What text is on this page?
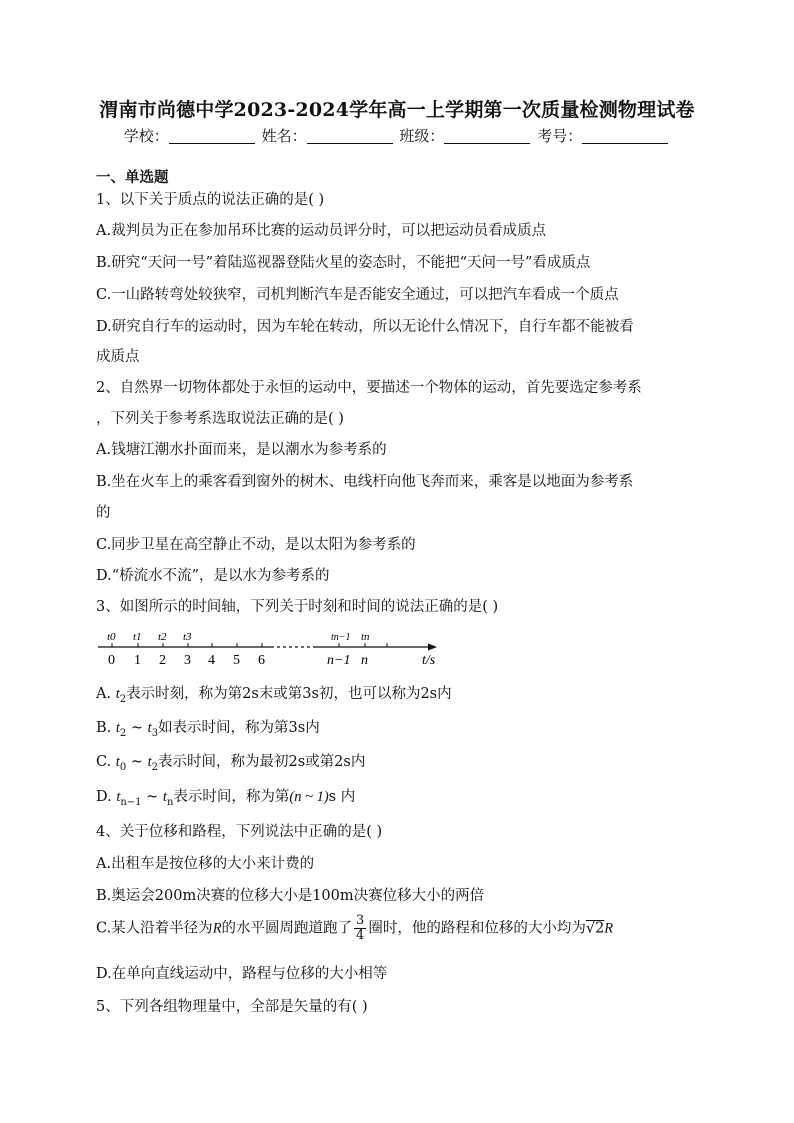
渭南市尚德中学2023-2024学年高一上学期第一次质量检测物理试卷
学校：	姓名：	班级：	考号：
一、单选题
1、以下关于质点的说法正确的是( )
A.裁判员为正在参加吊环比赛的运动员评分时，可以把运动员看成质点
B.研究“天问一号”着陆巡视器登陆火星的姿态时，不能把“天问一号”看成质点
C.一山路转弯处较狭窄，司机判断汽车是否能安全通过，可以把汽车看成一个质点
D.研究自行车的运动时，因为车轮在转动，所以无论什么情况下，自行车都不能被看
成质点
2、自然界一切物体都处于永恒的运动中，要描述一个物体的运动，首先要选定参考系
，下列关于参考系选取说法正确的是( )
A.钱塘江潮水扑面而来，是以潮水为参考系的
B.坐在火车上的乘客看到窗外的树木、电线杆向他飞奔而来，乘客是以地面为参考系
的
C.同步卫星在高空静止不动，是以太阳为参考系的
D.“桥流水不流”，是以水为参考系的
3、如图所示的时间轴，下列关于时刻和时间的说法正确的是( )
t0 t1 t2 t3	tn−1 tn
0 1 2 3 4 5 6	n−1 n	t/s
A. $t_2$表示时刻，称为第2s末或第3s初，也可以称为2s内
B. $t_2$ ~ $t_3$如表示时间，称为第3s内
C. $t_0$ ~ $t_2$表示时间，称为最初2s或第2s内
D. $t_{n-1}$ ~ $t_n$表示时间，称为第(n ~ 1)s 内
4、关于位移和路程，下列说法中正确的是( )
A.出租车是按位移的大小来计费的
B.奥运会200m决赛的位移大小是100m决赛位移大小的两倍
C.某人沿着半径为R的水平圆周跑道跑了 $\frac{3}{4}$ 圈时，他的路程和位移的大小均为√2R
D.在单向直线运动中，路程与位移的大小相等
5、下列各组物理量中，全部是矢量的有( )
